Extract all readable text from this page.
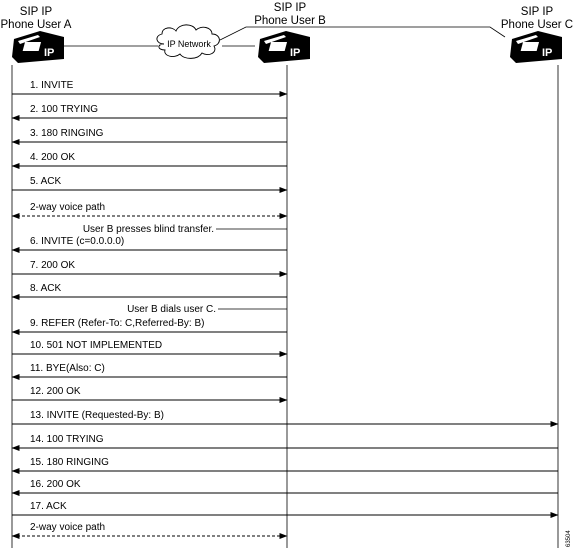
SIP IP
Phone User A
SIP IP
Phone User B
SIP IP
Phone User C
IP Network
IP	IP	IP
User B presses blind transfer.
User B dials user C.
1. INVITE
2. 100 TRYING
3. 180 RINGING
4. 200 OK
5. ACK
2-way voice path
6. INVITE (c=0.0.0.0)
7. 200 OK
8. ACK
9. REFER (Refer-To: C,Referred-By: B)
10. 501 NOT IMPLEMENTED
11. BYE(Also: C)
12. 200 OK
13. INVITE (Requested-By: B)
14. 100 TRYING
15. 180 RINGING
16. 200 OK
17. ACK
2-way voice path
63504
